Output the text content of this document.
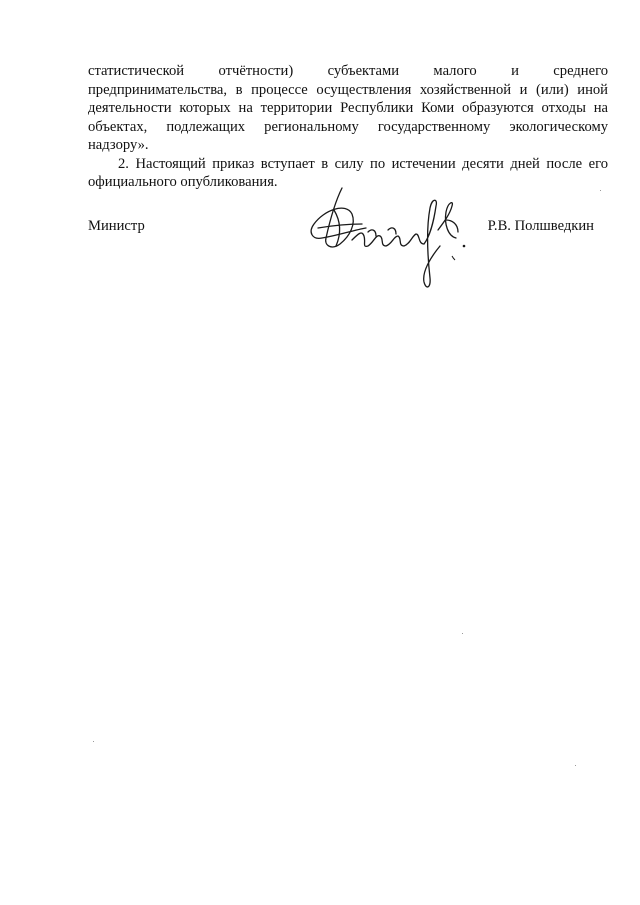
статистической отчётности) субъектами малого и среднего
предпринимательства, в процессе осуществления хозяйственной и (или) иной
деятельности которых на территории Республики Коми образуются отходы на
объектах, подлежащих региональному государственному экологическому
надзору».
2. Настоящий приказ вступает в силу по истечении десяти дней после его
официального опубликования.
Министр	Р.В. Полшведкин
